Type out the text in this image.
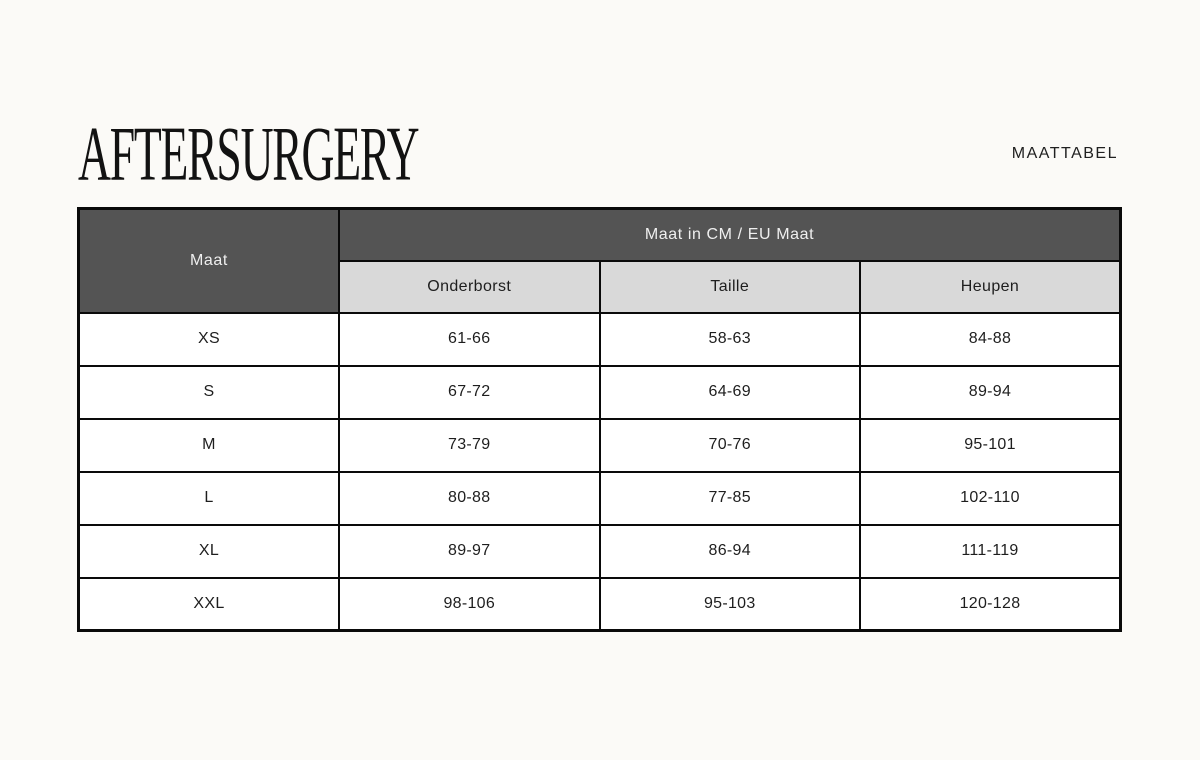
AFTERSURGERY	MAATTABEL
Maat	Maat in CM / EU Maat		
	Onderborst	Taille	Heupen
XS	61-66	58-63	84-88
S	67-72	64-69	89-94
M	73-79	70-76	95-101
L	80-88	77-85	102-110
XL	89-97	86-94	111-119
XXL	98-106	95-103	120-128
